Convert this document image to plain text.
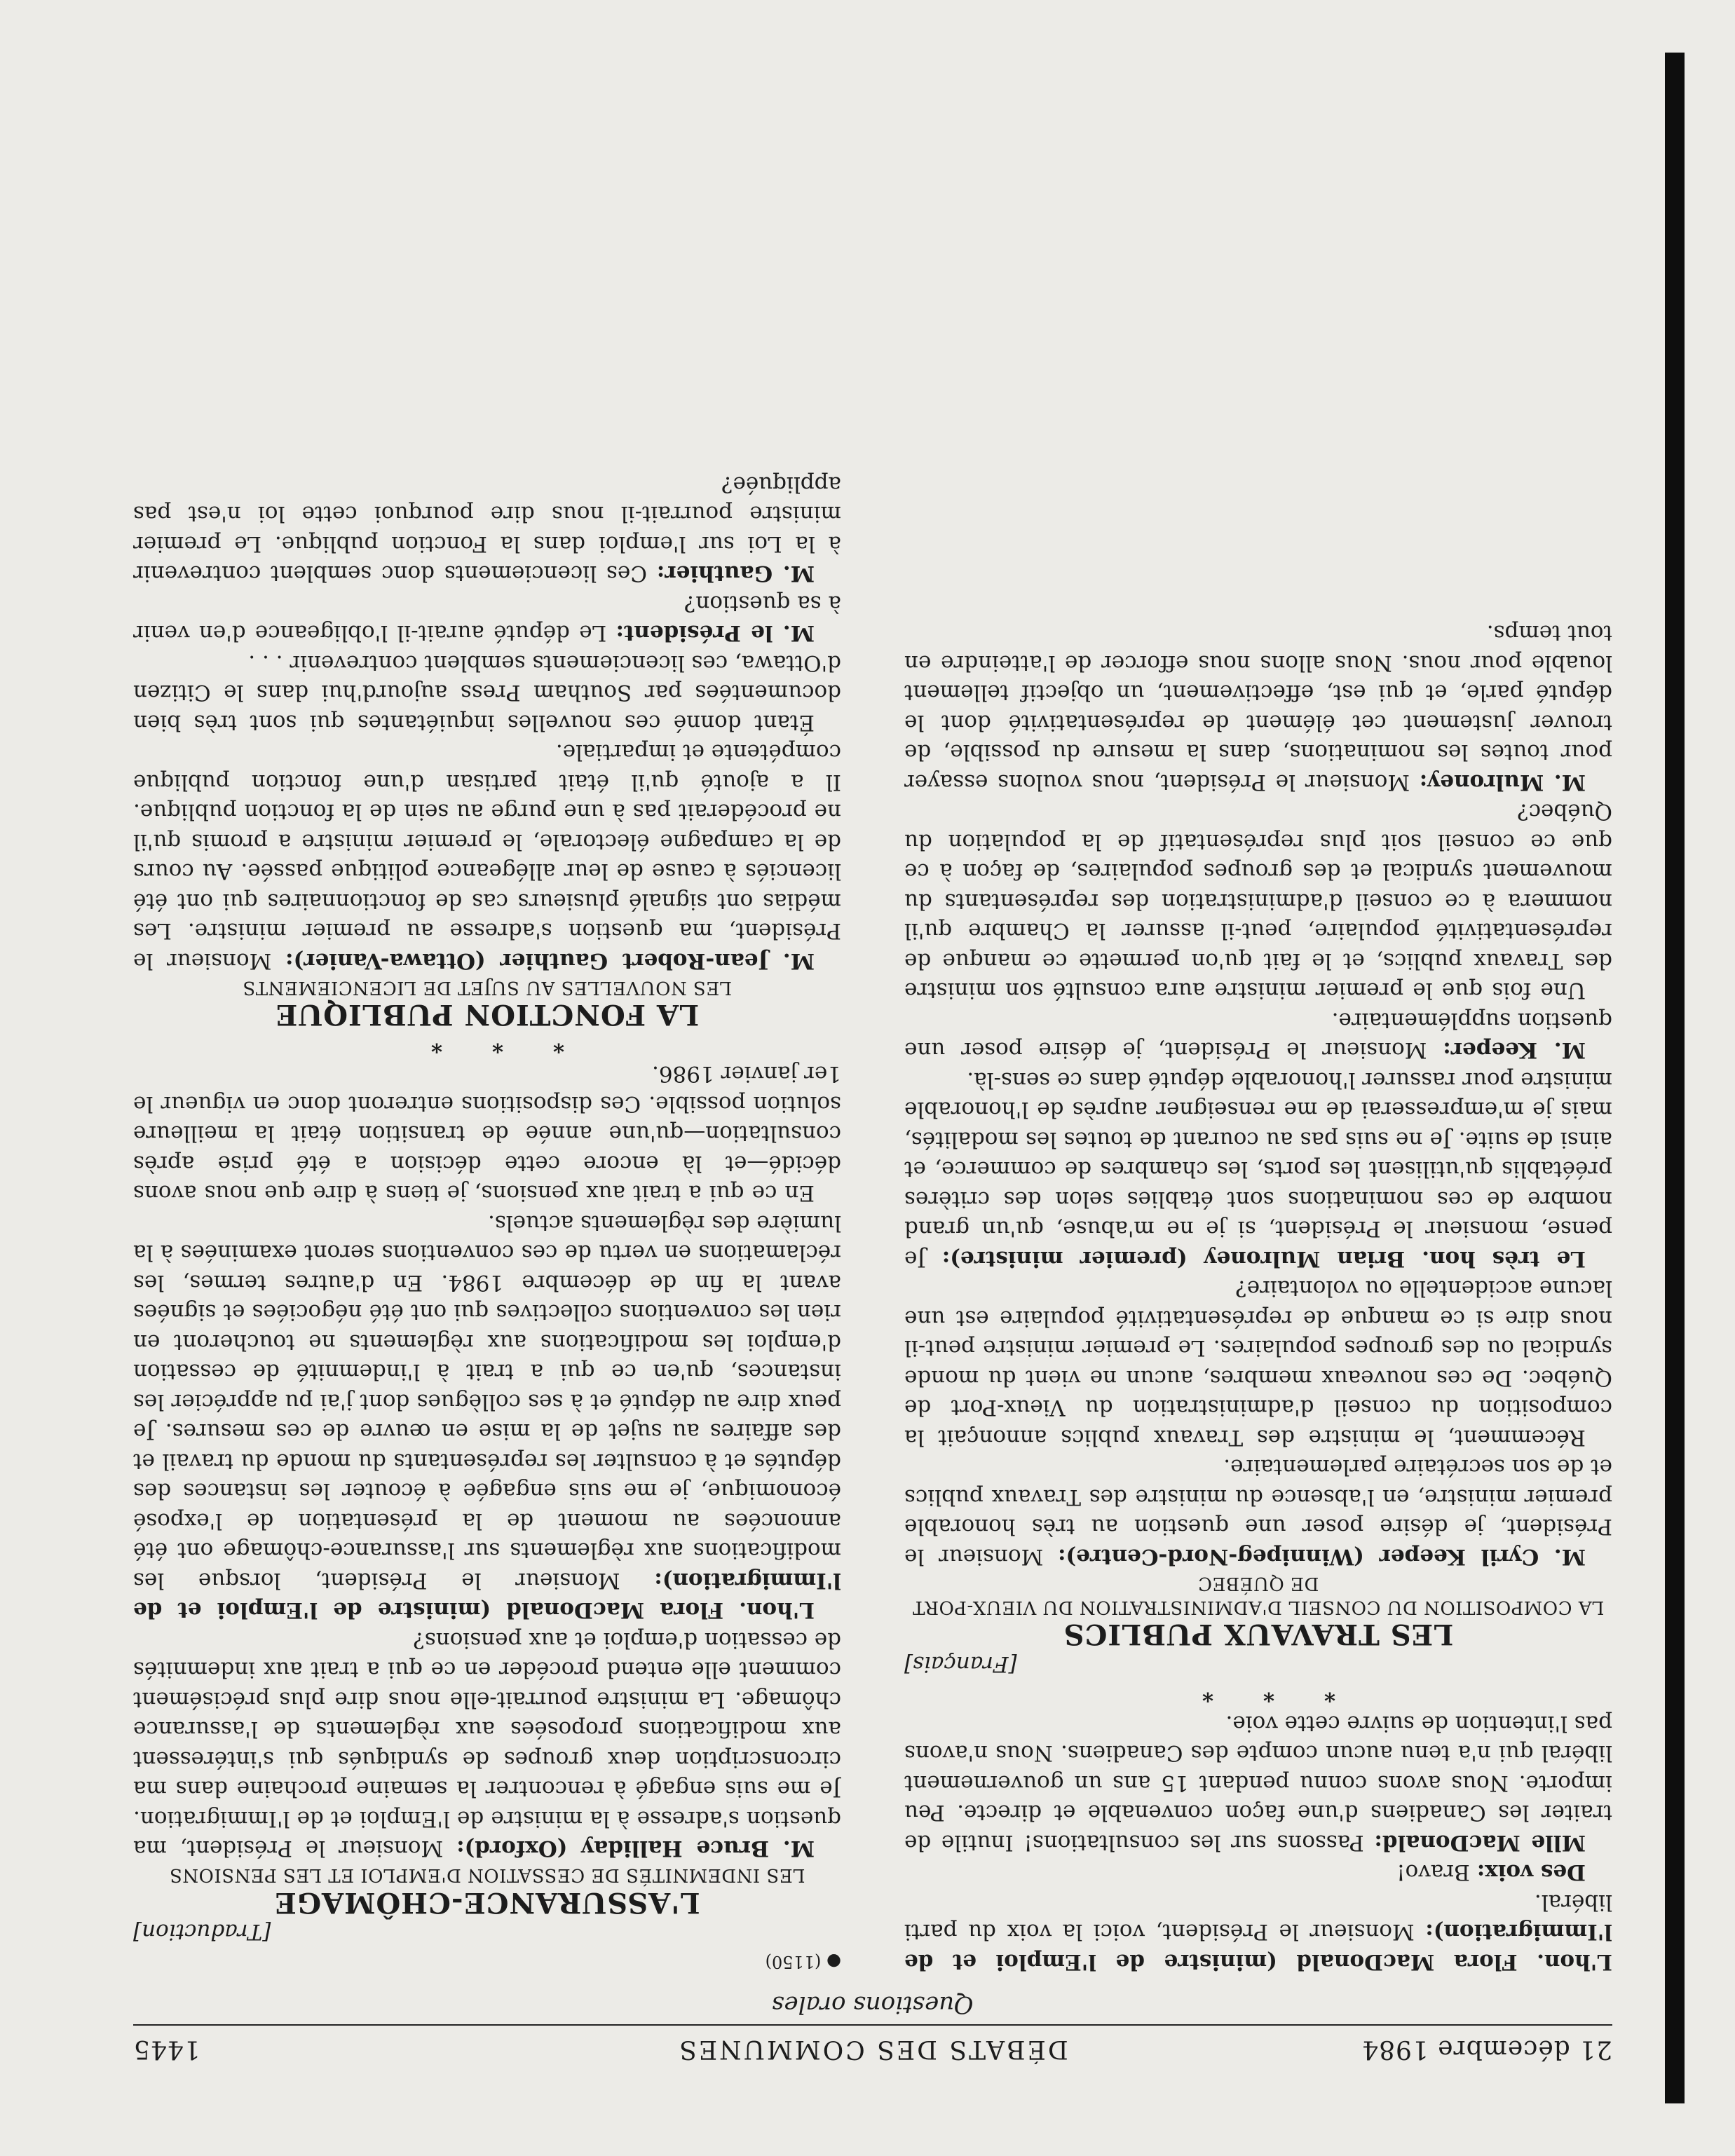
21 décembre 1984
DÉBATS DES COMMUNES
1445
Questions orales

L'hon. Flora MacDonald (ministre de l'Emploi et de l'Immigration): Monsieur le Président, voici la voix du parti libéral.

Des voix: Bravo!

Mlle MacDonald: Passons sur les consultations! Inutile de traiter les Canadiens d'une façon convenable et directe. Peu importe. Nous avons connu pendant 15 ans un gouvernement libéral qui n'a tenu aucun compte des Canadiens. Nous n'avons pas l'intention de suivre cette voie.

* * *

[Français]

LES TRAVAUX PUBLICS

LA COMPOSITION DU CONSEIL D'ADMINISTRATION DU VIEUX-PORT DE QUÉBEC

M. Cyril Keeper (Winnipeg-Nord-Centre): Monsieur le Président, je désire poser une question au très honorable premier ministre, en l'absence du ministre des Travaux publics et de son secrétaire parlementaire.

Récemment, le ministre des Travaux publics annonçait la composition du conseil d'administration du Vieux-Port de Québec. De ces nouveaux membres, aucun ne vient du monde syndical ou des groupes populaires. Le premier ministre peut-il nous dire si ce manque de représentativité populaire est une lacune accidentelle ou volontaire?

Le très hon. Brian Mulroney (premier ministre): Je pense, monsieur le Président, si je ne m'abuse, qu'un grand nombre de ces nominations sont établies selon des critères préétablis qu'utilisent les ports, les chambres de commerce, et ainsi de suite. Je ne suis pas au courant de toutes les modalités, mais je m'empresserai de me renseigner auprès de l'honorable ministre pour rassurer l'honorable député dans ce sens-là.

M. Keeper: Monsieur le Président, je désire poser une question supplémentaire.

Une fois que le premier ministre aura consulté son ministre des Travaux publics, et le fait qu'on permette ce manque de représentativité populaire, peut-il assurer la Chambre qu'il nommera à ce conseil d'administration des représentants du mouvement syndical et des groupes populaires, de façon à ce que ce conseil soit plus représentatif de la population du Québec?

M. Mulroney: Monsieur le Président, nous voulons essayer pour toutes les nominations, dans la mesure du possible, de trouver justement cet élément de représentativité dont le député parle, et qui est, effectivement, un objectif tellement louable pour nous. Nous allons nous efforcer de l'atteindre en tout temps.

● (1150)

[Traduction]

L'ASSURANCE-CHÔMAGE

LES INDEMNITÉS DE CESSATION D'EMPLOI ET LES PENSIONS

M. Bruce Halliday (Oxford): Monsieur le Président, ma question s'adresse à la ministre de l'Emploi et de l'Immigration. Je me suis engagé à rencontrer la semaine prochaine dans ma circonscription deux groupes de syndiqués qui s'intéressent aux modifications proposées aux règlements de l'assurance chômage. La ministre pourrait-elle nous dire plus précisément comment elle entend procéder en ce qui a trait aux indemnités de cessation d'emploi et aux pensions?

L'hon. Flora MacDonald (ministre de l'Emploi et de l'Immigration): Monsieur le Président, lorsque les modifications aux règlements sur l'assurance-chômage ont été annoncées au moment de la présentation de l'exposé économique, je me suis engagée à écouter les instances des députés et à consulter les représentants du monde du travail et des affaires au sujet de la mise en œuvre de ces mesures. Je peux dire au député et à ses collègues dont j'ai pu apprécier les instances, qu'en ce qui a trait à l'indemnité de cessation d'emploi les modifications aux règlements ne toucheront en rien les conventions collectives qui ont été négociées et signées avant la fin de décembre 1984. En d'autres termes, les réclamations en vertu de ces conventions seront examinées à la lumière des règlements actuels.

En ce qui a trait aux pensions, je tiens à dire que nous avons décidé—et là encore cette décision a été prise après consultation—qu'une année de transition était la meilleure solution possible. Ces dispositions entreront donc en vigueur le 1er janvier 1986.

* * *

LA FONCTION PUBLIQUE

LES NOUVELLES AU SUJET DE LICENCIEMENTS

M. Jean-Robert Gauthier (Ottawa-Vanier): Monsieur le Président, ma question s'adresse au premier ministre. Les médias ont signalé plusieurs cas de fonctionnaires qui ont été licenciés à cause de leur allégeance politique passée. Au cours de la campagne électorale, le premier ministre a promis qu'il ne procéderait pas à une purge au sein de la fonction publique. Il a ajouté qu'il était partisan d'une fonction publique compétente et impartiale.

Étant donné ces nouvelles inquiétantes qui sont très bien documentées par Southam Press aujourd'hui dans le Citizen d'Ottawa, ces licenciements semblent contrevenir . . .

M. le Président: Le député aurait-il l'obligeance d'en venir à sa question?

M. Gauthier: Ces licenciements donc semblent contrevenir à la Loi sur l'emploi dans la Fonction publique. Le premier ministre pourrait-il nous dire pourquoi cette loi n'est pas appliquée?
